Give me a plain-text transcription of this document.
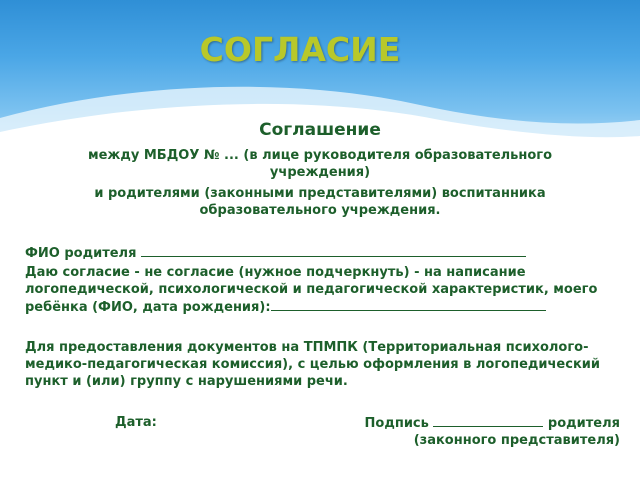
СОГЛАСИЕ
Соглашение
между МБДОУ № ... (в лице руководителя образовательного учреждения)
и родителями (законными представителями) воспитанника образовательного учреждения.
ФИО родителя
Даю согласие - не согласие (нужное подчеркнуть) - на написание логопедической, психологической и педагогической характеристик, моего ребёнка (ФИО, дата рождения):
Для предоставления документов на ТПМПК (Территориальная психолого-медико-педагогическая комиссия), с целью оформления в логопедический пункт и (или) группу с нарушениями речи.
Дата:	Подпись	родителя
(законного представителя)
